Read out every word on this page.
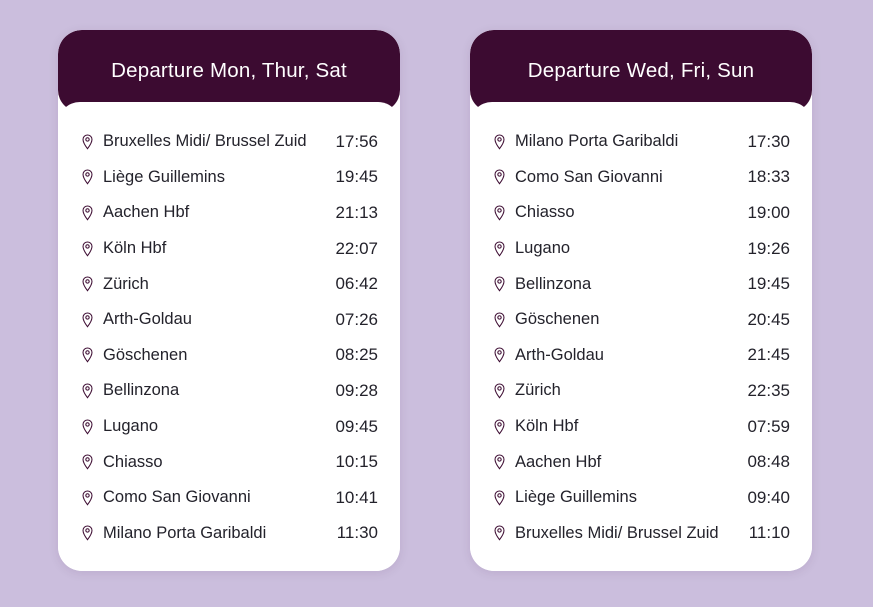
Departure Mon, Thur, Sat
Bruxelles Midi/ Brussel Zuid	17:56
Liège Guillemins	19:45
Aachen Hbf	21:13
Köln Hbf	22:07
Zürich	06:42
Arth-Goldau	07:26
Göschenen	08:25
Bellinzona	09:28
Lugano	09:45
Chiasso	10:15
Como San Giovanni	10:41
Milano Porta Garibaldi	11:30
Departure Wed, Fri, Sun
Milano Porta Garibaldi	17:30
Como San Giovanni	18:33
Chiasso	19:00
Lugano	19:26
Bellinzona	19:45
Göschenen	20:45
Arth-Goldau	21:45
Zürich	22:35
Köln Hbf	07:59
Aachen Hbf	08:48
Liège Guillemins	09:40
Bruxelles Midi/ Brussel Zuid	11:10
